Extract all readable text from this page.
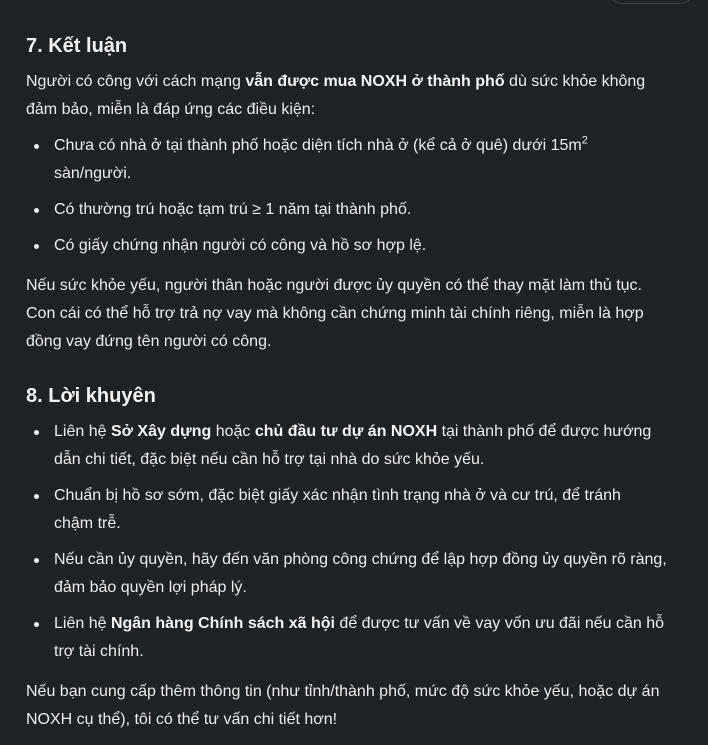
7. Kết luận

Người có công với cách mạng vẫn được mua NOXH ở thành phố dù sức khỏe không đảm bảo, miễn là đáp ứng các điều kiện:

Chưa có nhà ở tại thành phố hoặc diện tích nhà ở (kể cả ở quê) dưới $15m^2$ sàn/người.
Có thường trú hoặc tạm trú ≥ 1 năm tại thành phố.
Có giấy chứng nhận người có công và hồ sơ hợp lệ.

Nếu sức khỏe yếu, người thân hoặc người được ủy quyền có thể thay mặt làm thủ tục. Con cái có thể hỗ trợ trả nợ vay mà không cần chứng minh tài chính riêng, miễn là hợp đồng vay đứng tên người có công.

8. Lời khuyên
Liên hệ Sở Xây dựng hoặc chủ đầu tư dự án NOXH tại thành phố để được hướng dẫn chi tiết, đặc biệt nếu cần hỗ trợ tại nhà do sức khỏe yếu.
Chuẩn bị hồ sơ sớm, đặc biệt giấy xác nhận tình trạng nhà ở và cư trú, để tránh chậm trễ.
Nếu cần ủy quyền, hãy đến văn phòng công chứng để lập hợp đồng ủy quyền rõ ràng, đảm bảo quyền lợi pháp lý.
Liên hệ Ngân hàng Chính sách xã hội để được tư vấn về vay vốn ưu đãi nếu cần hỗ trợ tài chính.

Nếu bạn cung cấp thêm thông tin (như tỉnh/thành phố, mức độ sức khỏe yếu, hoặc dự án NOXH cụ thể), tôi có thể tư vấn chi tiết hơn!
